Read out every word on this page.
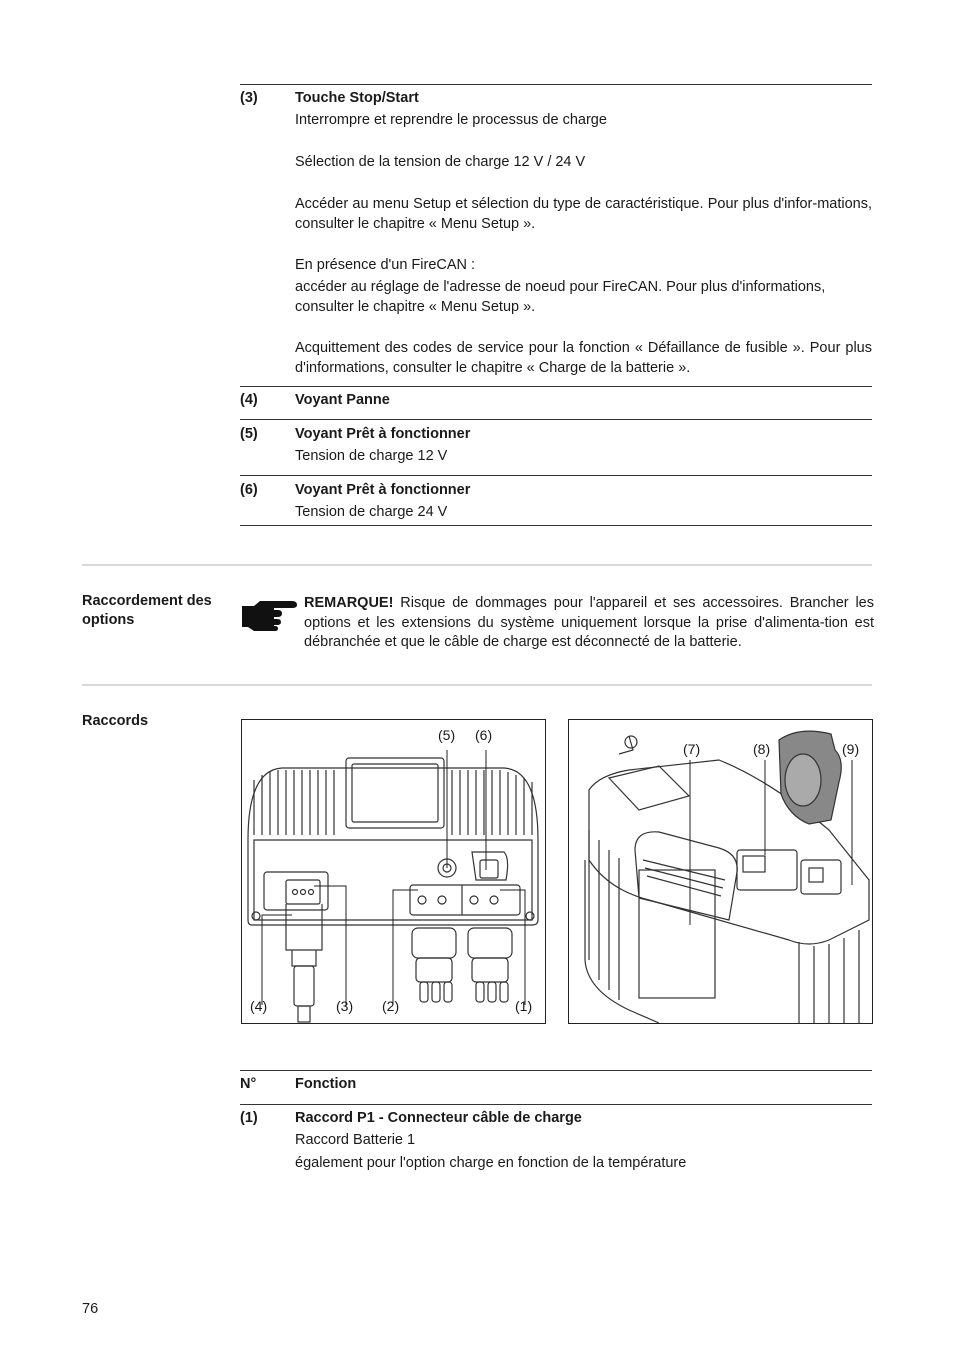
(3)	Touche Stop/Start
Interrompre et reprendre le processus de charge
Sélection de la tension de charge 12 V / 24 V
Accéder au menu Setup et sélection du type de caractéristique. Pour plus d'infor-mations, consulter le chapitre « Menu Setup ».
En présence d'un FireCAN :
accéder au réglage de l'adresse de noeud pour FireCAN. Pour plus d'informations, consulter le chapitre « Menu Setup ».
Acquittement des codes de service pour la fonction « Défaillance de fusible ». Pour plus d'informations, consulter le chapitre « Charge de la batterie ».
(4)	Voyant Panne
(5)	Voyant Prêt à fonctionner
Tension de charge 12 V
(6)	Voyant Prêt à fonctionner
Tension de charge 24 V
Raccordement des options
REMARQUE! Risque de dommages pour l'appareil et ses accessoires. Brancher les options et les extensions du système uniquement lorsque la prise d'alimenta-tion est débranchée et que le câble de charge est déconnecté de la batterie.
Raccords
(5) (6)
(4)	(3) (2)	(1)
(7)	(8)	(9)
N°	Fonction
(1)	Raccord P1 - Connecteur câble de charge
Raccord Batterie 1
également pour l'option charge en fonction de la température
76
